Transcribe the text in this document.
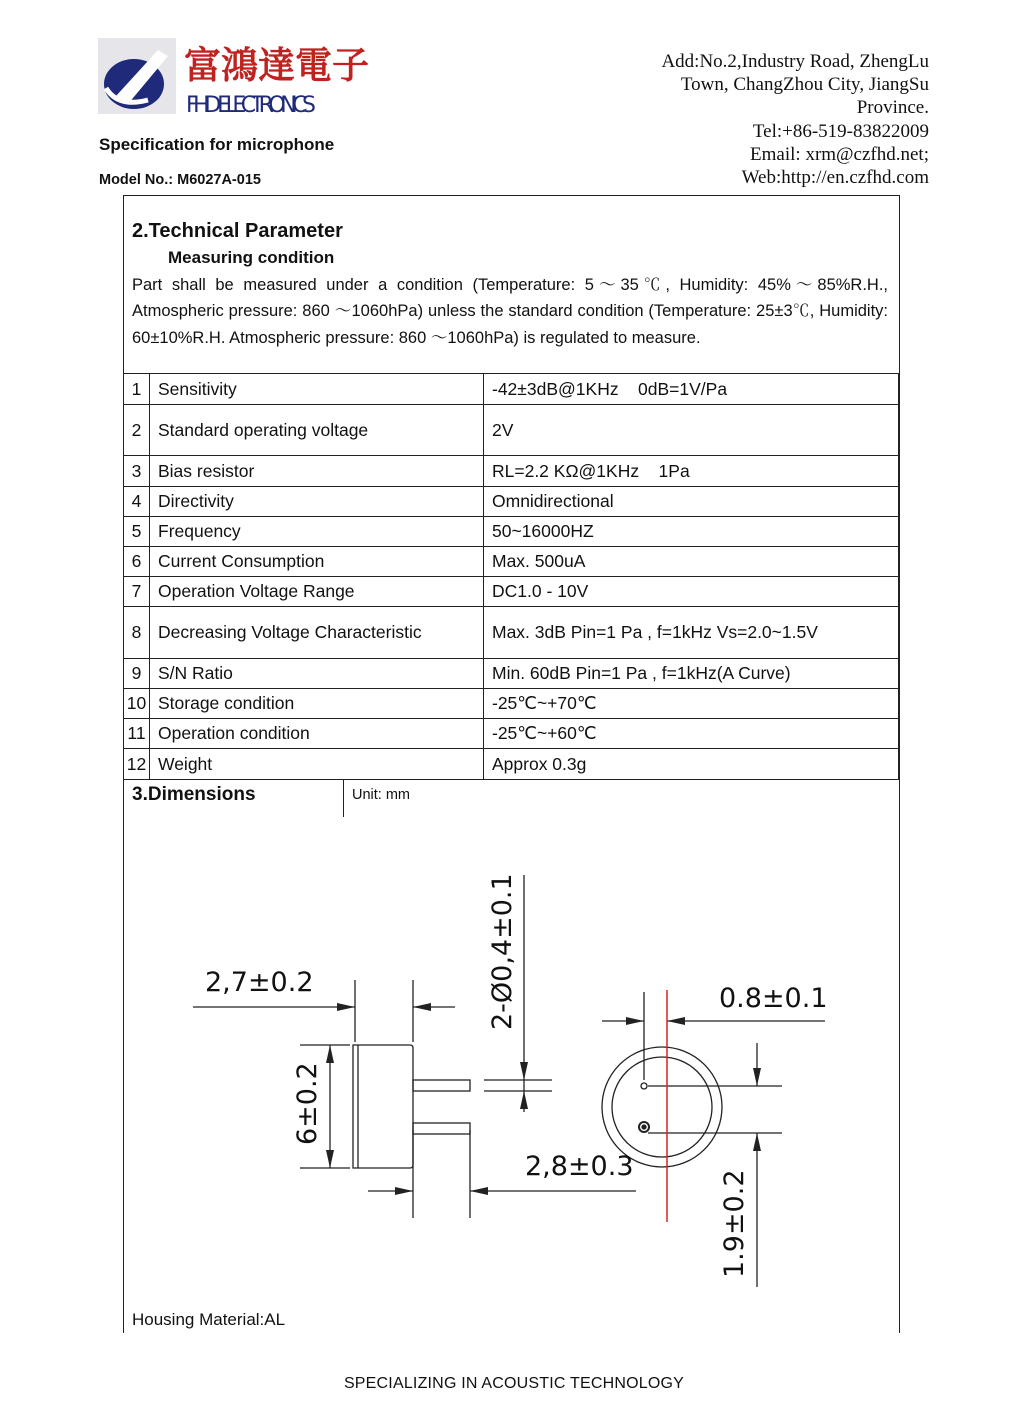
富鴻達電子
FHD ELECTRONICS
Specification for microphone
Model No.: M6027A-015
Add:No.2,Industry Road, ZhengLu
Town, ChangZhou City, JiangSu
Province.
Tel:+86-519-83822009
Email: xrm@czfhd.net;
Web:http://en.czfhd.com
2.Technical Parameter
Measuring condition
Part shall be measured under a condition (Temperature: 5～35℃, Humidity: 45%～85%R.H., Atmospheric pressure: 860 ～1060hPa) unless the standard condition (Temperature: 25±3℃, Humidity: 60±10%R.H. Atmospheric pressure: 860 ～1060hPa) is regulated to measure.
1	Sensitivity	-42±3dB@1KHz    0dB=1V/Pa
2	Standard operating voltage	2V
3	Bias resistor	RL=2.2 KΩ@1KHz    1Pa
4	Directivity	Omnidirectional
5	Frequency	50~16000HZ
6	Current Consumption	Max. 500uA
7	Operation Voltage Range	DC1.0 - 10V
8	Decreasing Voltage Characteristic	Max. 3dB Pin=1 Pa , f=1kHz Vs=2.0~1.5V
9	S/N Ratio	Min. 60dB Pin=1 Pa , f=1kHz(A Curve)
10	Storage condition	-25℃~+70℃
11	Operation condition	-25℃~+60℃
12	Weight	Approx 0.3g
3.Dimensions	Unit: mm
2,7±0.2
0.8±0.1
2,8±0.3
2-Ø0,4±0.1
6±0.2
1.9±0.2
Housing Material:AL
SPECIALIZING IN ACOUSTIC TECHNOLOGY
